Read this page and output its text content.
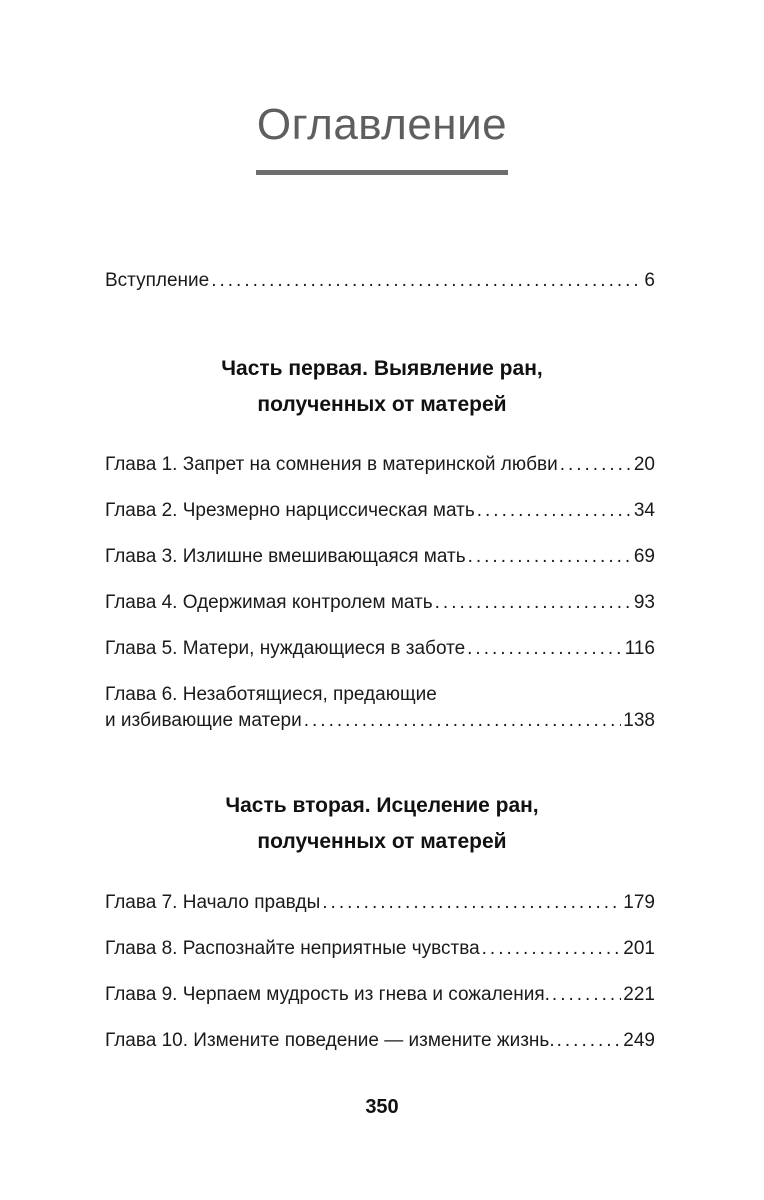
Оглавление
Вступление .....	6
Часть первая. Выявление ран,
полученных от матерей
Глава 1. Запрет на сомнения в материнской любви .....	20
Глава 2. Чрезмерно нарциссическая мать .....	34
Глава 3. Излишне вмешивающаяся мать .....	69
Глава 4. Одержимая контролем мать .....	93
Глава 5. Матери, нуждающиеся в заботе .....	116
Глава 6. Незаботящиеся, предающие
и избивающие матери .....	138
Часть вторая. Исцеление ран,
полученных от матерей
Глава 7. Начало правды .....	179
Глава 8. Распознайте неприятные чувства .....	201
Глава 9. Черпаем мудрость из гнева и сожаления. .....	221
Глава 10. Измените поведение — измените жизнь. .....	249
350
